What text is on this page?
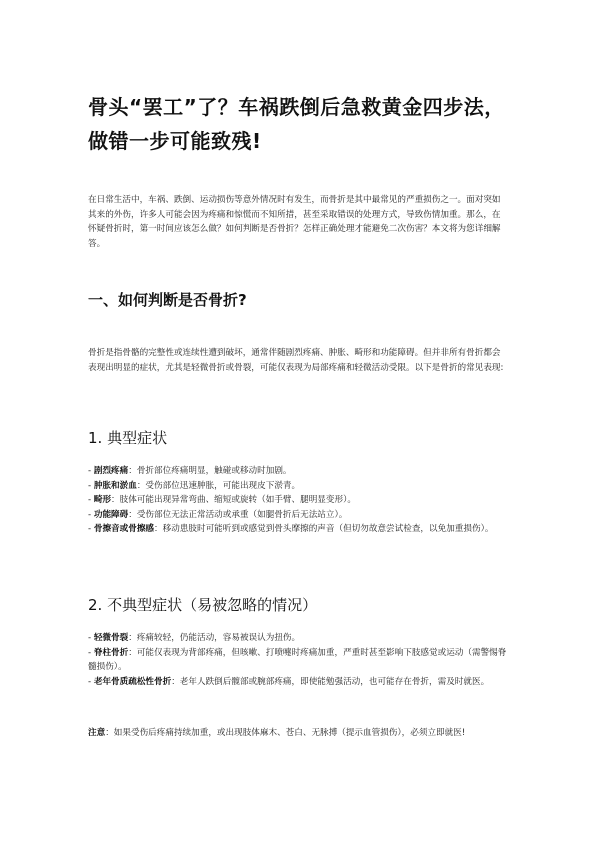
骨头“罢工”了？车祸跌倒后急救黄金四步法，做错一步可能致残!

在日常生活中，车祸、跌倒、运动损伤等意外情况时有发生，而骨折是其中最常见的严重损伤之一。面对突如其来的外伤，许多人可能会因为疼痛和惊慌而不知所措，甚至采取错误的处理方式，导致伤情加重。那么，在怀疑骨折时，第一时间应该怎么做？如何判断是否骨折？怎样正确处理才能避免二次伤害？本文将为您详细解答。

一、如何判断是否骨折?

骨折是指骨骼的完整性或连续性遭到破坏，通常伴随剧烈疼痛、肿胀、畸形和功能障碍。但并非所有骨折都会表现出明显的症状，尤其是轻微骨折或骨裂，可能仅表现为局部疼痛和轻微活动受限。以下是骨折的常见表现:

1. 典型症状
- 剧烈疼痛：骨折部位疼痛明显，触碰或移动时加剧。
- 肿胀和淤血：受伤部位迅速肿胀，可能出现皮下淤青。
- 畸形：肢体可能出现异常弯曲、缩短或旋转（如手臂、腿明显变形）。
- 功能障碍：受伤部位无法正常活动或承重（如腿骨折后无法站立）。
- 骨擦音或骨擦感：移动患肢时可能听到或感觉到骨头摩擦的声音（但切勿故意尝试检查，以免加重损伤）。
2. 不典型症状（易被忽略的情况）
- 轻微骨裂：疼痛较轻，仍能活动，容易被误认为扭伤。
- 脊柱骨折：可能仅表现为背部疼痛，但咳嗽、打喷嚏时疼痛加重，严重时甚至影响下肢感觉或运动（需警惕脊髓损伤）。
- 老年骨质疏松性骨折：老年人跌倒后髋部或腕部疼痛，即使能勉强活动，也可能存在骨折，需及时就医。

注意：如果受伤后疼痛持续加重，或出现肢体麻木、苍白、无脉搏（提示血管损伤），必须立即就医!
